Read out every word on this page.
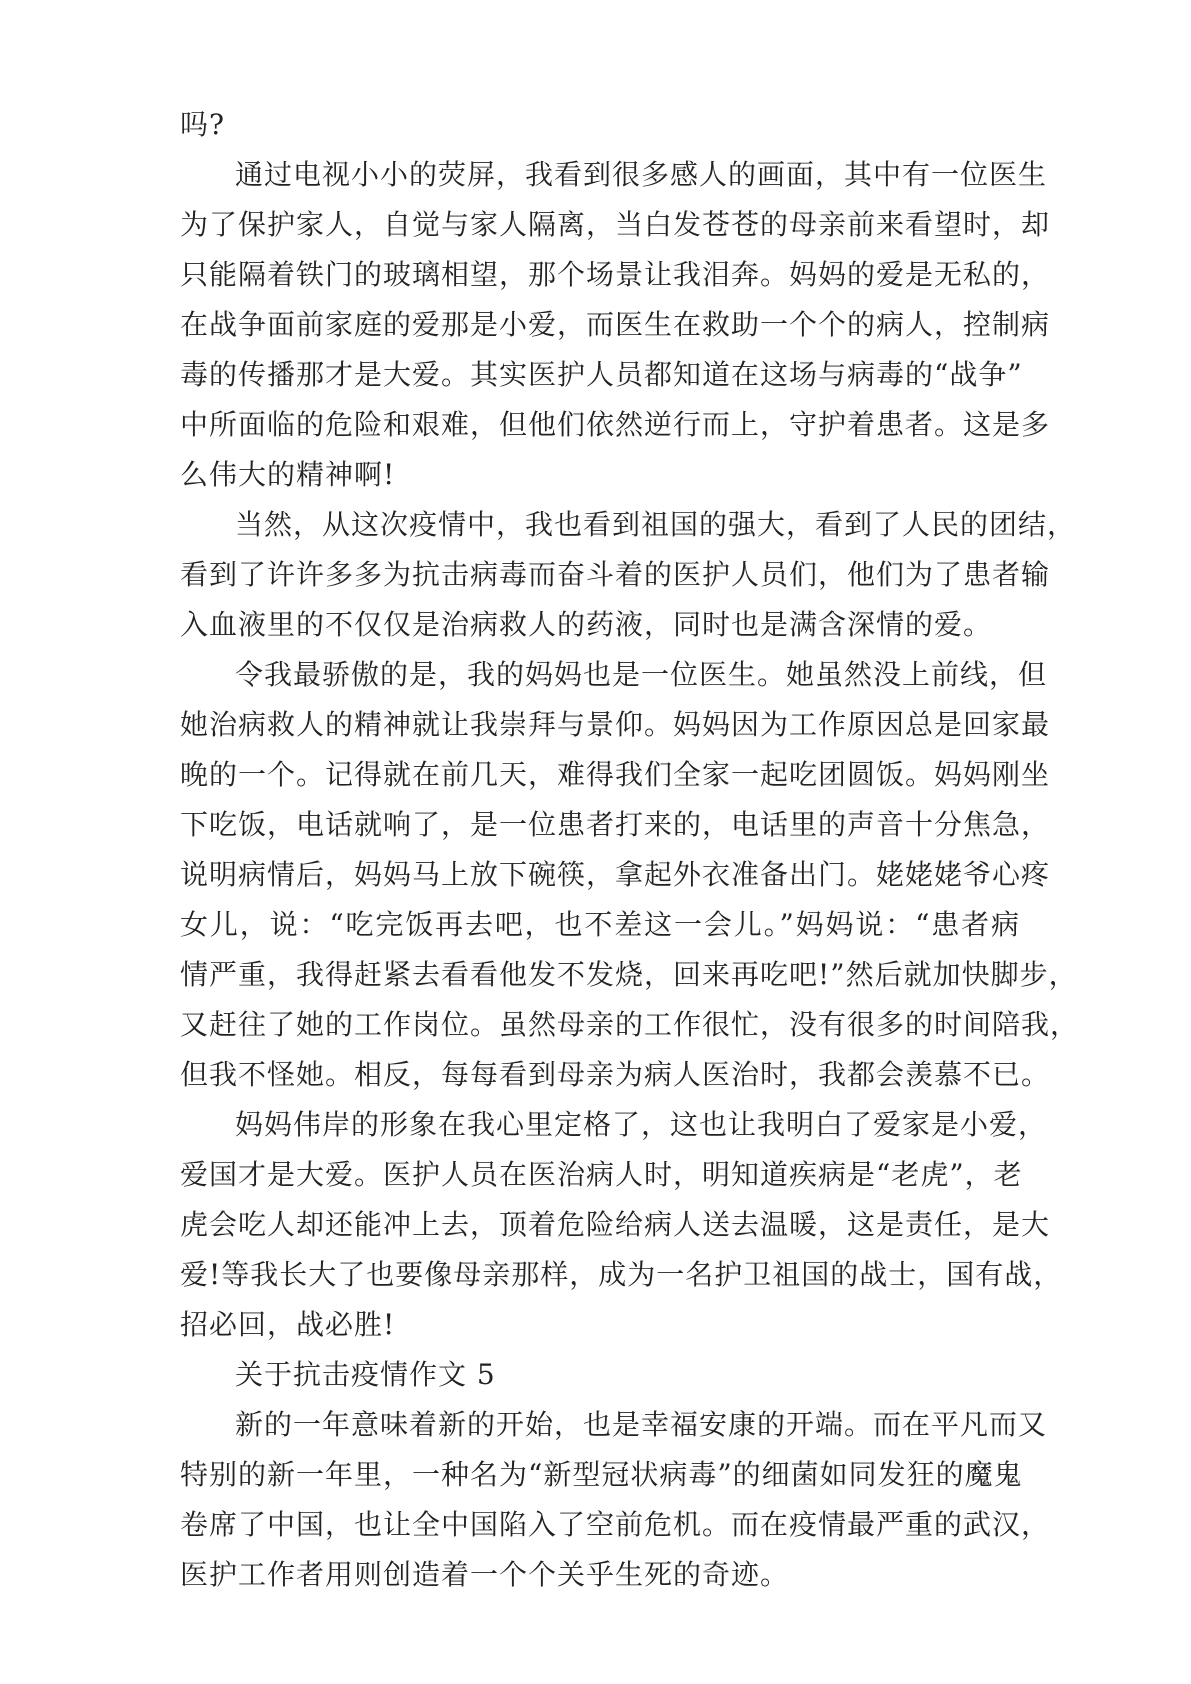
吗?
通过电视小小的荧屏，我看到很多感人的画面，其中有一位医生
为了保护家人，自觉与家人隔离，当白发苍苍的母亲前来看望时，却
只能隔着铁门的玻璃相望，那个场景让我泪奔。妈妈的爱是无私的，
在战争面前家庭的爱那是小爱，而医生在救助一个个的病人，控制病
毒的传播那才是大爱。其实医护人员都知道在这场与病毒的“战争”
中所面临的危险和艰难，但他们依然逆行而上，守护着患者。这是多
么伟大的精神啊!
当然，从这次疫情中，我也看到祖国的强大，看到了人民的团结，
看到了许许多多为抗击病毒而奋斗着的医护人员们，他们为了患者输
入血液里的不仅仅是治病救人的药液，同时也是满含深情的爱。
令我最骄傲的是，我的妈妈也是一位医生。她虽然没上前线，但
她治病救人的精神就让我崇拜与景仰。妈妈因为工作原因总是回家最
晚的一个。记得就在前几天，难得我们全家一起吃团圆饭。妈妈刚坐
下吃饭，电话就响了，是一位患者打来的，电话里的声音十分焦急，
说明病情后，妈妈马上放下碗筷，拿起外衣准备出门。姥姥姥爷心疼
女儿，说：“吃完饭再去吧，也不差这一会儿。”妈妈说：“患者病
情严重，我得赶紧去看看他发不发烧，回来再吃吧!”然后就加快脚步，
又赶往了她的工作岗位。虽然母亲的工作很忙，没有很多的时间陪我，
但我不怪她。相反，每每看到母亲为病人医治时，我都会羡慕不已。
妈妈伟岸的形象在我心里定格了，这也让我明白了爱家是小爱，
爱国才是大爱。医护人员在医治病人时，明知道疾病是“老虎”，老
虎会吃人却还能冲上去，顶着危险给病人送去温暖，这是责任，是大
爱!等我长大了也要像母亲那样，成为一名护卫祖国的战士，国有战，
招必回，战必胜!
关于抗击疫情作文 5
新的一年意味着新的开始，也是幸福安康的开端。而在平凡而又
特别的新一年里，一种名为“新型冠状病毒”的细菌如同发狂的魔鬼
卷席了中国，也让全中国陷入了空前危机。而在疫情最严重的武汉，
医护工作者用则创造着一个个关乎生死的奇迹。
